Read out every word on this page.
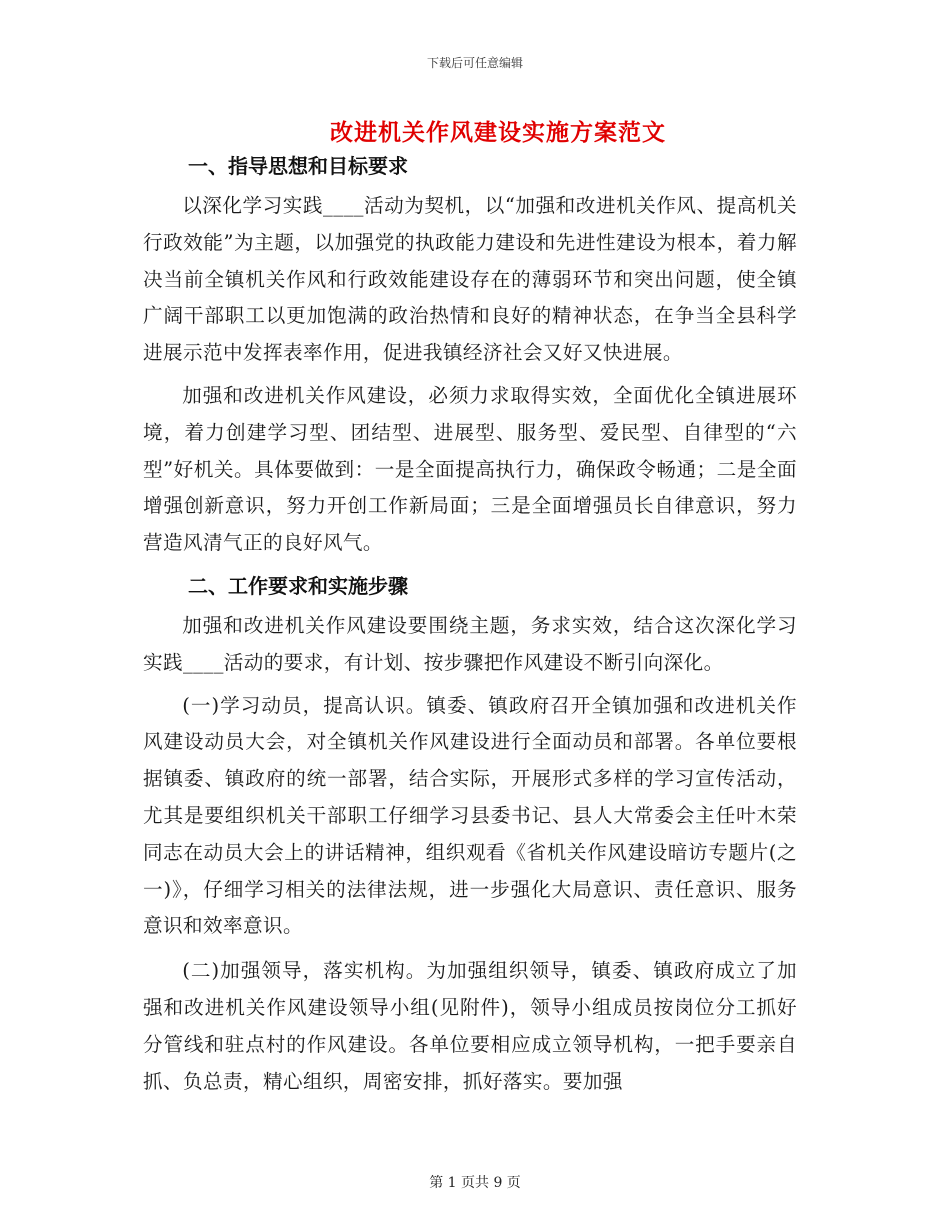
下载后可任意编辑
改进机关作风建设实施方案范文
一、指导思想和目标要求

以深化学习实践____活动为契机，以“加强和改进机关作风、提高机关行政效能”为主题，以加强党的执政能力建设和先进性建设为根本，着力解决当前全镇机关作风和行政效能建设存在的薄弱环节和突出问题，使全镇广阔干部职工以更加饱满的政治热情和良好的精神状态，在争当全县科学进展示范中发挥表率作用，促进我镇经济社会又好又快进展。

加强和改进机关作风建设，必须力求取得实效，全面优化全镇进展环境，着力创建学习型、团结型、进展型、服务型、爱民型、自律型的“六型”好机关。具体要做到：一是全面提高执行力，确保政令畅通；二是全面增强创新意识，努力开创工作新局面；三是全面增强员长自律意识，努力营造风清气正的良好风气。

二、工作要求和实施步骤

加强和改进机关作风建设要围绕主题，务求实效，结合这次深化学习实践____活动的要求，有计划、按步骤把作风建设不断引向深化。

(一)学习动员，提高认识。镇委、镇政府召开全镇加强和改进机关作风建设动员大会，对全镇机关作风建设进行全面动员和部署。各单位要根据镇委、镇政府的统一部署，结合实际，开展形式多样的学习宣传活动，尤其是要组织机关干部职工仔细学习县委书记、县人大常委会主任叶木荣同志在动员大会上的讲话精神，组织观看《省机关作风建设暗访专题片(之一)》，仔细学习相关的法律法规，进一步强化大局意识、责任意识、服务意识和效率意识。

(二)加强领导，落实机构。为加强组织领导，镇委、镇政府成立了加强和改进机关作风建设领导小组(见附件)，领导小组成员按岗位分工抓好分管线和驻点村的作风建设。各单位要相应成立领导机构，一把手要亲自抓、负总责，精心组织，周密安排，抓好落实。要加强

第 1 页共 9 页
